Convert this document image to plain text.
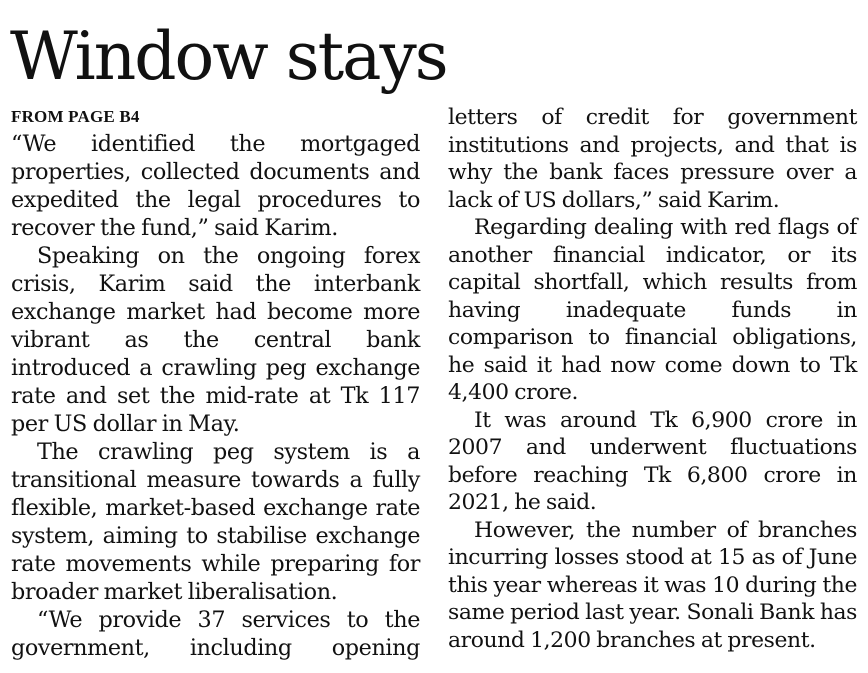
Window stays
FROM PAGE B4

“We identified the mortgaged properties, collected documents and expedited the legal procedures to recover the fund,” said Karim.

Speaking on the ongoing forex crisis, Karim said the interbank exchange market had become more vibrant as the central bank introduced a crawling peg exchange rate and set the mid-rate at Tk 117 per US dollar in May.

The crawling peg system is a transitional measure towards a fully flexible, market-based exchange rate system, aiming to stabilise exchange rate movements while preparing for broader market liberalisation.

“We provide 37 services to the government, including opening

letters of credit for government institutions and projects, and that is why the bank faces pressure over a lack of US dollars,” said Karim.

Regarding dealing with red flags of another financial indicator, or its capital shortfall, which results from having inadequate funds in comparison to financial obligations, he said it had now come down to Tk 4,400 crore.

It was around Tk 6,900 crore in 2007 and underwent fluctuations before reaching Tk 6,800 crore in 2021, he said.

However, the number of branches incurring losses stood at 15 as of June this year whereas it was 10 during the same period last year. Sonali Bank has around 1,200 branches at present.
